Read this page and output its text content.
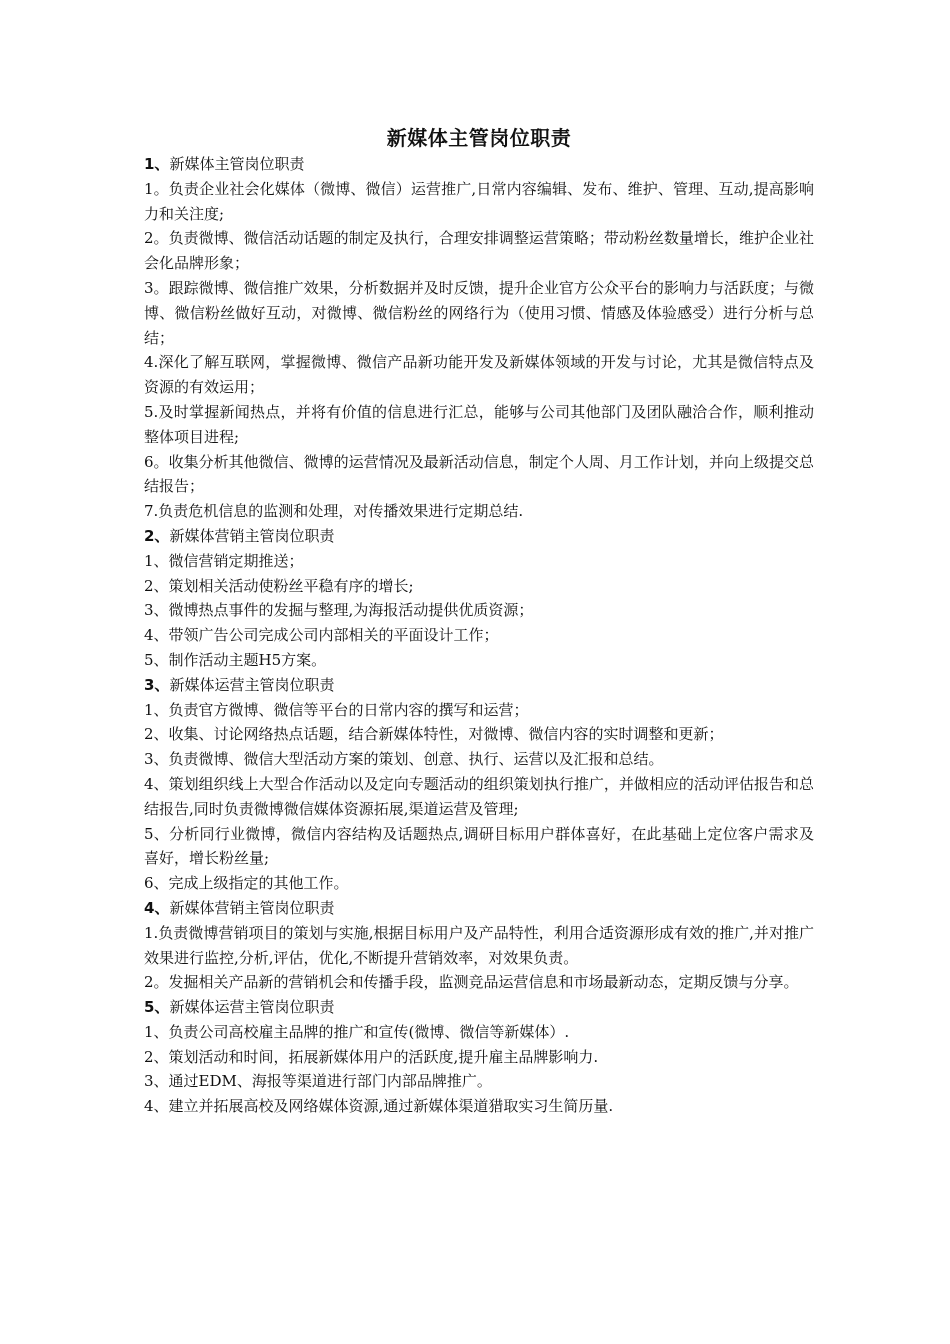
新媒体主管岗位职责

1、新媒体主管岗位职责

1。负责企业社会化媒体（微博、微信）运营推广,日常内容编辑、发布、维护、管理、互动,提高影响力和关注度;

2。负责微博、微信活动话题的制定及执行，合理安排调整运营策略；带动粉丝数量增长，维护企业社会化品牌形象；

3。跟踪微博、微信推广效果，分析数据并及时反馈，提升企业官方公众平台的影响力与活跃度；与微博、微信粉丝做好互动，对微博、微信粉丝的网络行为（使用习惯、情感及体验感受）进行分析与总结；

4.深化了解互联网，掌握微博、微信产品新功能开发及新媒体领域的开发与讨论，尤其是微信特点及资源的有效运用；

5.及时掌握新闻热点，并将有价值的信息进行汇总，能够与公司其他部门及团队融洽合作，顺利推动整体项目进程;

6。收集分析其他微信、微博的运营情况及最新活动信息，制定个人周、月工作计划，并向上级提交总结报告；

7.负责危机信息的监测和处理，对传播效果进行定期总结.

2、新媒体营销主管岗位职责

1、微信营销定期推送；

2、策划相关活动使粉丝平稳有序的增长;

3、微博热点事件的发掘与整理,为海报活动提供优质资源；

4、带领广告公司完成公司内部相关的平面设计工作；

5、制作活动主题H5方案。

3、新媒体运营主管岗位职责

1、负责官方微博、微信等平台的日常内容的撰写和运营；

2、收集、讨论网络热点话题，结合新媒体特性，对微博、微信内容的实时调整和更新；

3、负责微博、微信大型活动方案的策划、创意、执行、运营以及汇报和总结。

4、策划组织线上大型合作活动以及定向专题活动的组织策划执行推广，并做相应的活动评估报告和总结报告,同时负责微博微信媒体资源拓展,渠道运营及管理;

5、分析同行业微博，微信内容结构及话题热点,调研目标用户群体喜好，在此基础上定位客户需求及喜好，增长粉丝量;

6、完成上级指定的其他工作。

4、新媒体营销主管岗位职责

1.负责微博营销项目的策划与实施,根据目标用户及产品特性，利用合适资源形成有效的推广,并对推广效果进行监控,分析,评估，优化,不断提升营销效率，对效果负责。

2。发掘相关产品新的营销机会和传播手段，监测竞品运营信息和市场最新动态，定期反馈与分享。

5、新媒体运营主管岗位职责

1、负责公司高校雇主品牌的推广和宣传(微博、微信等新媒体）.

2、策划活动和时间，拓展新媒体用户的活跃度,提升雇主品牌影响力.

3、通过EDM、海报等渠道进行部门内部品牌推广。

4、建立并拓展高校及网络媒体资源,通过新媒体渠道猎取实习生简历量.
